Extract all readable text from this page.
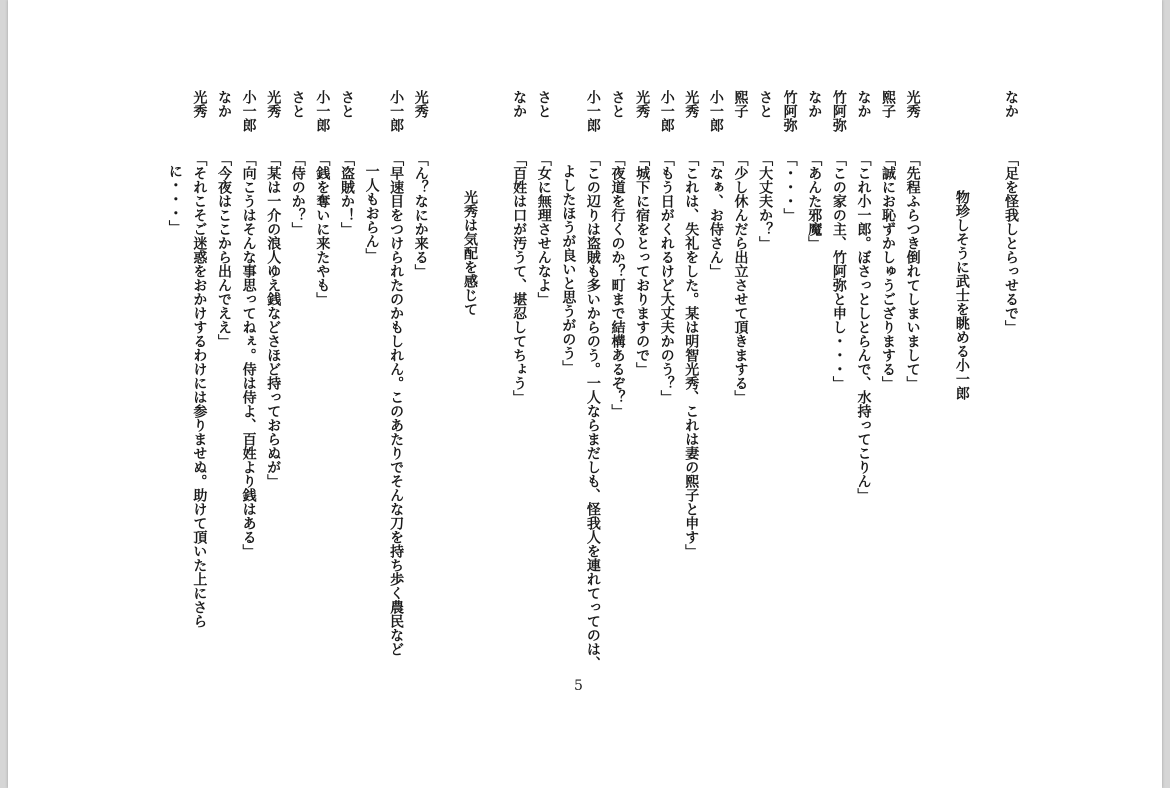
なか
「足を怪我しとらっせるで」
物珍しそうに武士を眺める小一郎
光秀
「先程ふらつき倒れてしまいまして」
熙子
「誠にお恥ずかしゅうござりまする」
なか
「これ小一郎。ぼさっとしとらんで、水持ってこりん」
竹阿弥
「この家の主、竹阿弥と申し・・・」
なか
「あんた邪魔」
竹阿弥
「・・・」
さと
「大丈夫か？」
熙子
「少し休んだら出立させて頂きまする」
小一郎
「なぁ、お侍さん」
光秀
「これは、失礼をした。某は明智光秀、これは妻の熙子と申す」
小一郎
「もう日がくれるけど大丈夫かのう？」
光秀
「城下に宿をとっておりますので」
さと
「夜道を行くのか？町まで結構あるぞ？」
小一郎
「この辺りは盗賊も多いからのう。一人ならまだしも、怪我人を連れてってのは、
よしたほうが良いと思うがのう」
さと
「女に無理させんなよ」
なか
「百姓は口が汚うて、堪忍してちょう」
光秀は気配を感じて
光秀
「ん？なにか来る」
小一郎
「早速目をつけられたのかもしれん。このあたりでそんな刀を持ち歩く農民など
一人もおらん」
さと
「盗賊か！」
小一郎
「銭を奪いに来たやも」
さと
「侍のか？」
光秀
「某は一介の浪人ゆえ銭などさほど持っておらぬが」
小一郎
「向こうはそんな事思ってねぇ。侍は侍よ、百姓より銭はある」
なか
「今夜はここから出んでええ」
光秀
「それこそご迷惑をおかけするわけには参りませぬ。助けて頂いた上にさら
に・・・」
5
